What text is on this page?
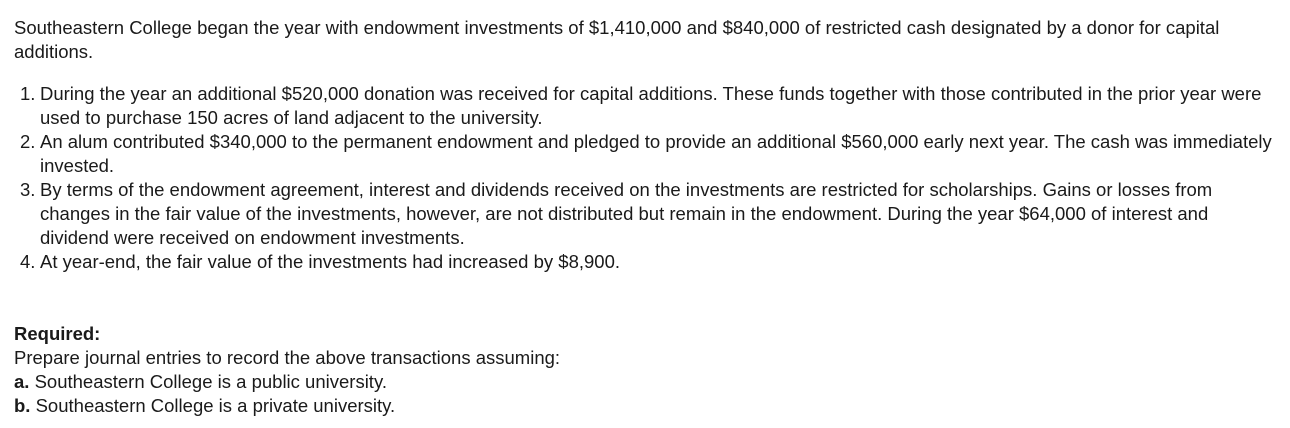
Southeastern College began the year with endowment investments of $1,410,000 and $840,000 of restricted cash designated by a donor for capital additions.

1. During the year an additional $520,000 donation was received for capital additions. These funds together with those contributed in the prior year were used to purchase 150 acres of land adjacent to the university.
2. An alum contributed $340,000 to the permanent endowment and pledged to provide an additional $560,000 early next year. The cash was immediately invested.
3. By terms of the endowment agreement, interest and dividends received on the investments are restricted for scholarships. Gains or losses from changes in the fair value of the investments, however, are not distributed but remain in the endowment. During the year $64,000 of interest and dividend were received on endowment investments.
4. At year-end, the fair value of the investments had increased by $8,900.

Required:

Prepare journal entries to record the above transactions assuming:

a. Southeastern College is a public university.

b. Southeastern College is a private university.
